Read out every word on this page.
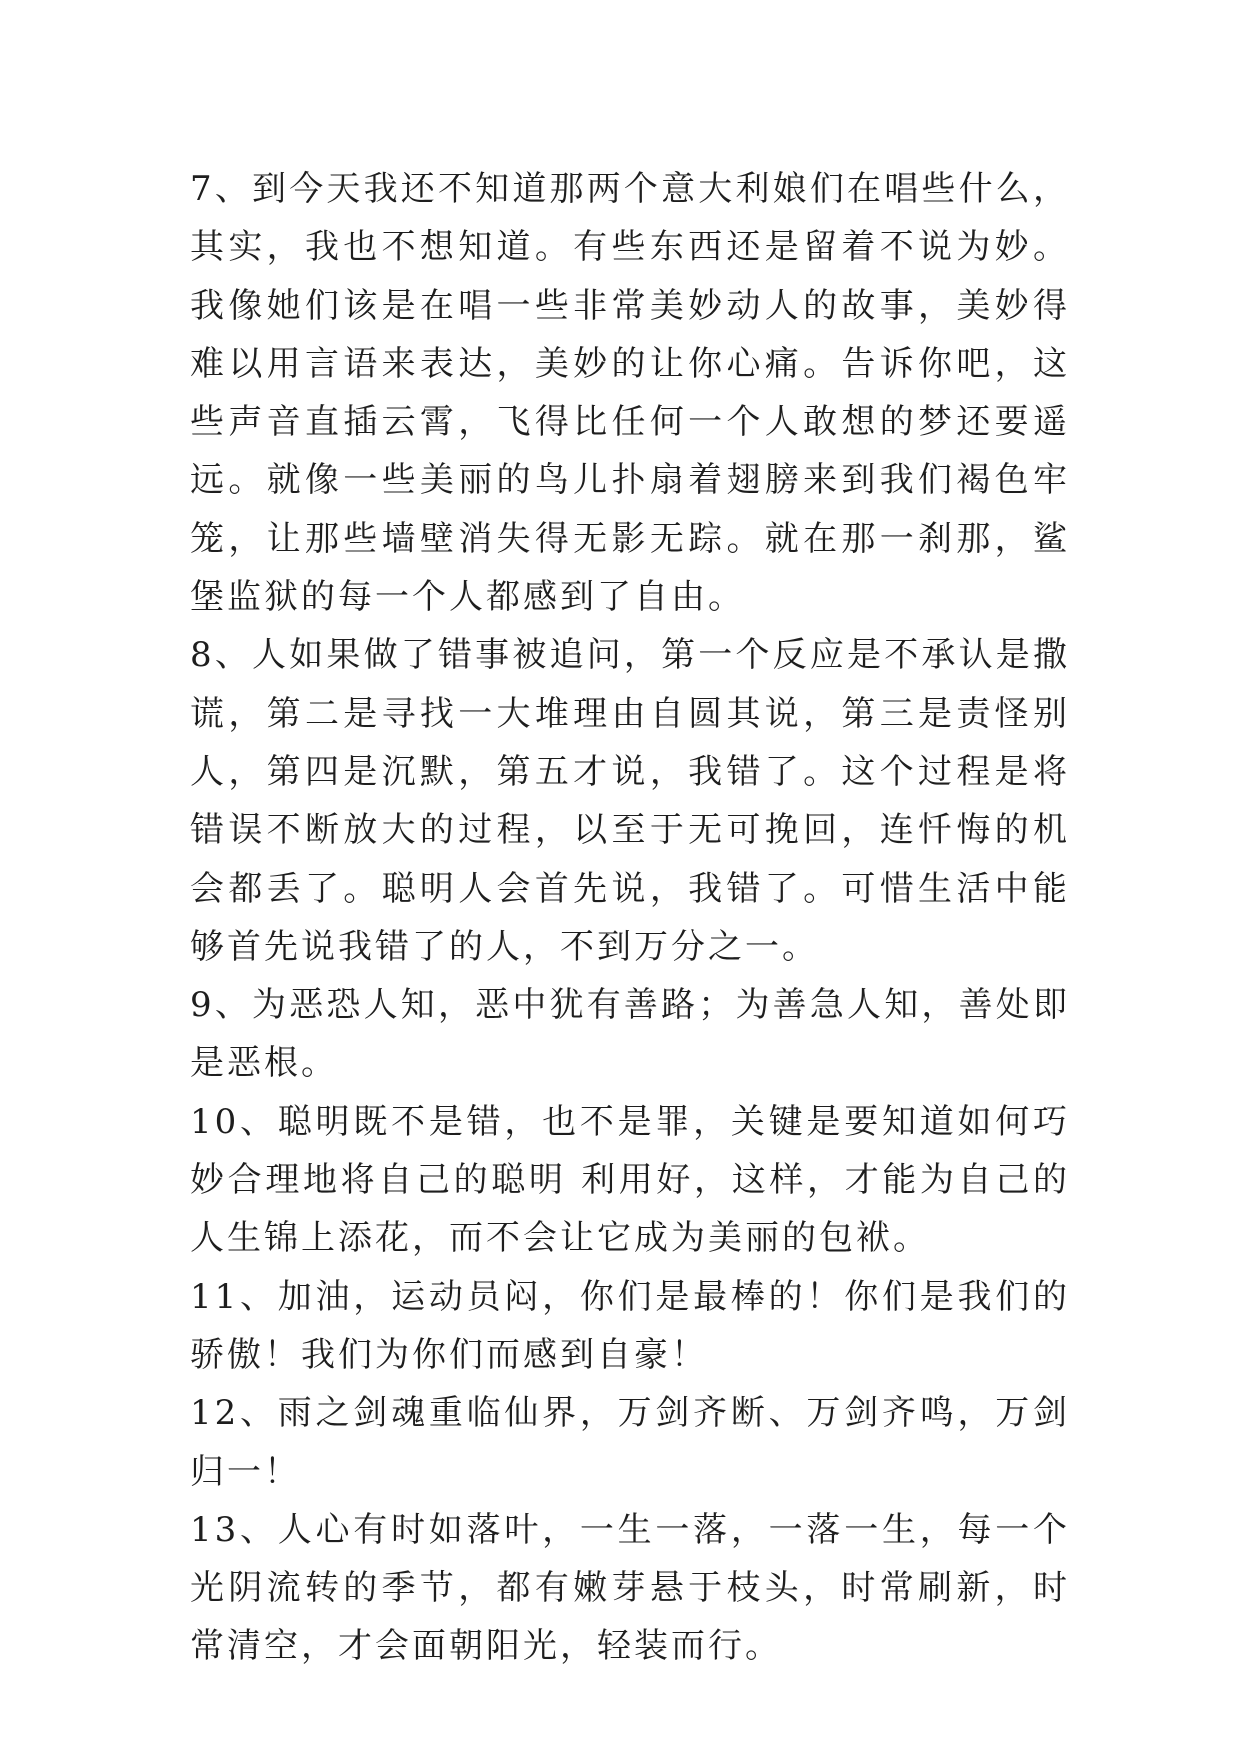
7、到今天我还不知道那两个意大利娘们在唱些什么，其实，我也不想知道。有些东西还是留着不说为妙。我像她们该是在唱一些非常美妙动人的故事，美妙得难以用言语来表达，美妙的让你心痛。告诉你吧，这些声音直插云霄，飞得比任何一个人敢想的梦还要遥远。就像一些美丽的鸟儿扑扇着翅膀来到我们褐色牢笼，让那些墙壁消失得无影无踪。就在那一刹那，鲨堡监狱的每一个人都感到了自由。

8、人如果做了错事被追问，第一个反应是不承认是撒谎，第二是寻找一大堆理由自圆其说，第三是责怪别人，第四是沉默，第五才说，我错了。这个过程是将错误不断放大的过程，以至于无可挽回，连忏悔的机会都丢了。聪明人会首先说，我错了。可惜生活中能够首先说我错了的人，不到万分之一。

9、为恶恐人知，恶中犹有善路；为善急人知，善处即是恶根。

10、聪明既不是错，也不是罪，关键是要知道如何巧妙合理地将自己的聪明 利用好，这样，才能为自己的人生锦上添花，而不会让它成为美丽的包袱。

11、加油，运动员闷，你们是最棒的！你们是我们的骄傲！我们为你们而感到自豪！

12、雨之剑魂重临仙界，万剑齐断、万剑齐鸣，万剑归一！

13、人心有时如落叶，一生一落，一落一生，每一个光阴流转的季节，都有嫩芽悬于枝头，时常刷新，时常清空，才会面朝阳光，轻装而行。
